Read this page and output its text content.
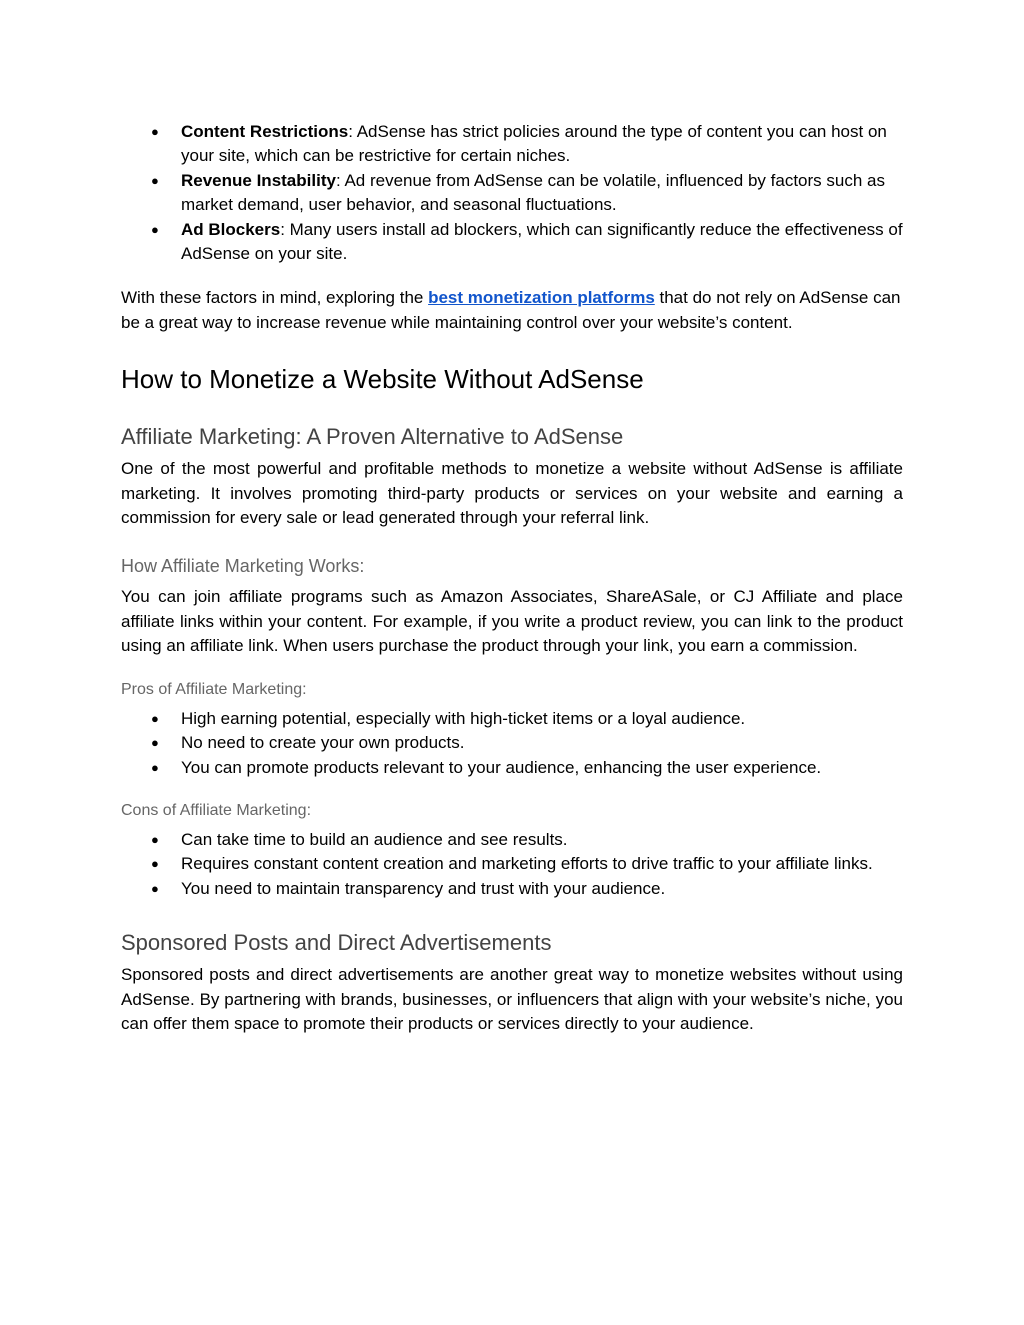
● Content Restrictions: AdSense has strict policies around the type of content you can host on your site, which can be restrictive for certain niches.
● Revenue Instability: Ad revenue from AdSense can be volatile, influenced by factors such as market demand, user behavior, and seasonal fluctuations.
● Ad Blockers: Many users install ad blockers, which can significantly reduce the effectiveness of AdSense on your site.

With these factors in mind, exploring the best monetization platforms that do not rely on AdSense can be a great way to increase revenue while maintaining control over your website’s content.

How to Monetize a Website Without AdSense
Affiliate Marketing: A Proven Alternative to AdSense

One of the most powerful and profitable methods to monetize a website without AdSense is affiliate marketing. It involves promoting third-party products or services on your website and earning a commission for every sale or lead generated through your referral link.

How Affiliate Marketing Works:

You can join affiliate programs such as Amazon Associates, ShareASale, or CJ Affiliate and place affiliate links within your content. For example, if you write a product review, you can link to the product using an affiliate link. When users purchase the product through your link, you earn a commission.

Pros of Affiliate Marketing:
● High earning potential, especially with high-ticket items or a loyal audience.
● No need to create your own products.
● You can promote products relevant to your audience, enhancing the user experience.
Cons of Affiliate Marketing:
● Can take time to build an audience and see results.
● Requires constant content creation and marketing efforts to drive traffic to your affiliate links.
● You need to maintain transparency and trust with your audience.
Sponsored Posts and Direct Advertisements

Sponsored posts and direct advertisements are another great way to monetize websites without using AdSense. By partnering with brands, businesses, or influencers that align with your website’s niche, you can offer them space to promote their products or services directly to your audience.
